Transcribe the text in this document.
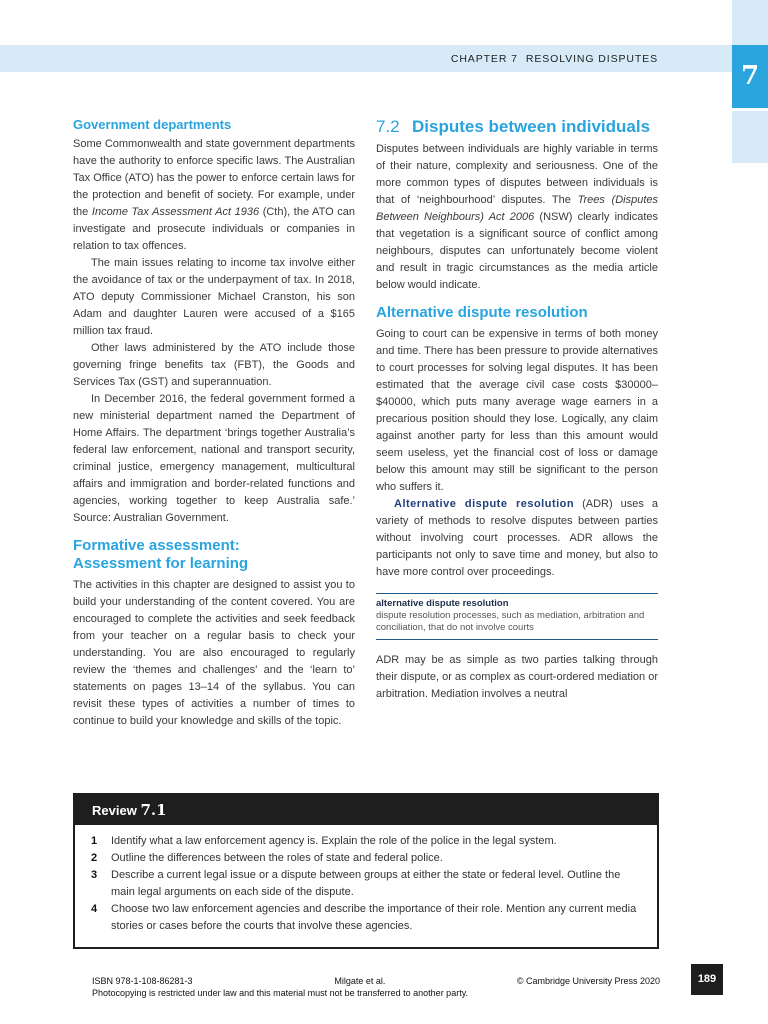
CHAPTER 7 RESOLVING DISPUTES
7
Government departments

Some Commonwealth and state government departments have the authority to enforce specific laws. The Australian Tax Office (ATO) has the power to enforce certain laws for the protection and benefit of society. For example, under the Income Tax Assessment Act 1936 (Cth), the ATO can investigate and prosecute individuals or companies in relation to tax offences.

The main issues relating to income tax involve either the avoidance of tax or the underpayment of tax. In 2018, ATO deputy Commissioner Michael Cranston, his son Adam and daughter Lauren were accused of a $165 million tax fraud.

Other laws administered by the ATO include those governing fringe benefits tax (FBT), the Goods and Services Tax (GST) and superannuation.

In December 2016, the federal government formed a new ministerial department named the Department of Home Affairs. The department ‘brings together Australia’s federal law enforcement, national and transport security, criminal justice, emergency management, multicultural affairs and immigration and border-related functions and agencies, working together to keep Australia safe.’ Source: Australian Government.

Formative assessment:
Assessment for learning

The activities in this chapter are designed to assist you to build your understanding of the content covered. You are encouraged to complete the activities and seek feedback from your teacher on a regular basis to check your understanding. You are also encouraged to regularly review the ‘themes and challenges’ and the ‘learn to’ statements on pages 13–14 of the syllabus. You can revisit these types of activities a number of times to continue to build your knowledge and skills of the topic.

7.2 Disputes between individuals

Disputes between individuals are highly variable in terms of their nature, complexity and seriousness. One of the more common types of disputes between individuals is that of ‘neighbourhood’ disputes. The Trees (Disputes Between Neighbours) Act 2006 (NSW) clearly indicates that vegetation is a significant source of conflict among neighbours, disputes can unfortunately become violent and result in tragic circumstances as the media article below would indicate.

Alternative dispute resolution

Going to court can be expensive in terms of both money and time. There has been pressure to provide alternatives to court processes for solving legal disputes. It has been estimated that the average civil case costs $30000–$40000, which puts many average wage earners in a precarious position should they lose. Logically, any claim against another party for less than this amount would seem useless, yet the financial cost of loss or damage below this amount may still be significant to the person who suffers it.

Alternative dispute resolution (ADR) uses a variety of methods to resolve disputes between parties without involving court processes. ADR allows the participants not only to save time and money, but also to have more control over proceedings.

alternative dispute resolution
dispute resolution processes, such as mediation, arbitration and conciliation, that do not involve courts

ADR may be as simple as two parties talking through their dispute, or as complex as court-ordered mediation or arbitration. Mediation involves a neutral

Review 7.1
1	Identify what a law enforcement agency is. Explain the role of the police in the legal system.
2	Outline the differences between the roles of state and federal police.
3	Describe a current legal issue or a dispute between groups at either the state or federal level. Outline the main legal arguments on each side of the dispute.
4	Choose two law enforcement agencies and describe the importance of their role. Mention any current media stories or cases before the courts that involve these agencies.
ISBN 978-1-108-86281-3	Milgate et al.	© Cambridge University Press 2020
Photocopying is restricted under law and this material must not be transferred to another party.
189
